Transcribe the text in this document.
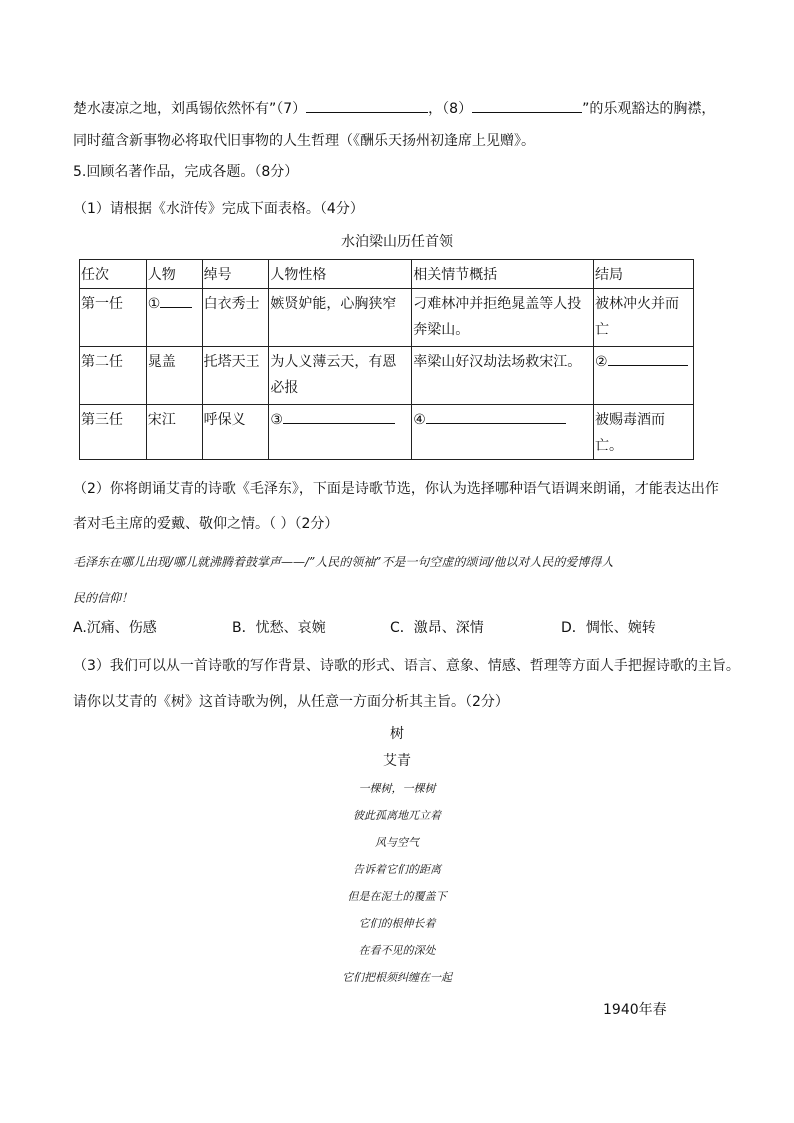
楚水凄凉之地，刘禹锡依然怀有”（7）	，（8）	”的乐观豁达的胸襟，
同时蕴含新事物必将取代旧事物的人生哲理（《酬乐天扬州初逢席上见赠》。
5.回顾名著作品，完成各题。（8分）
（1）请根据《水浒传》完成下面表格。（4分）
水泊梁山历任首领
任次	人物	绰号	人物性格	相关情节概括	结局
第一任	①	白衣秀士	嫉贤妒能，心胸狭窄	刁难林冲并拒绝晁盖等人投奔梁山。	被林冲火并而亡
第二任	晁盖	托塔天王	为人义薄云天，有恩必报	率梁山好汉劫法场救宋江。	②
第三任	宋江	呼保义	③	④	被赐毒酒而亡。
（2）你将朗诵艾青的诗歌《毛泽东》，下面是诗歌节选，你认为选择哪种语气语调来朗诵，才能表达出作
者对毛主席的爱戴、敬仰之情。（ ）（2分）
毛泽东在哪儿出现/哪儿就沸腾着鼓掌声——/”人民的领袖”不是一句空虚的颂词/他以对人民的爱博得人
民的信仰！
A.沉痛、伤感	B．忧愁、哀婉	C．激昂、深情	D．惆怅、婉转
（3）我们可以从一首诗歌的写作背景、诗歌的形式、语言、意象、情感、哲理等方面人手把握诗歌的主旨。
请你以艾青的《树》这首诗歌为例，从任意一方面分析其主旨。（2分）
树
艾青
一棵树，一棵树
彼此孤离地兀立着
风与空气
告诉着它们的距离
但是在泥土的覆盖下
它们的根伸长着
在看不见的深处
它们把根须纠缠在一起
1940年春
